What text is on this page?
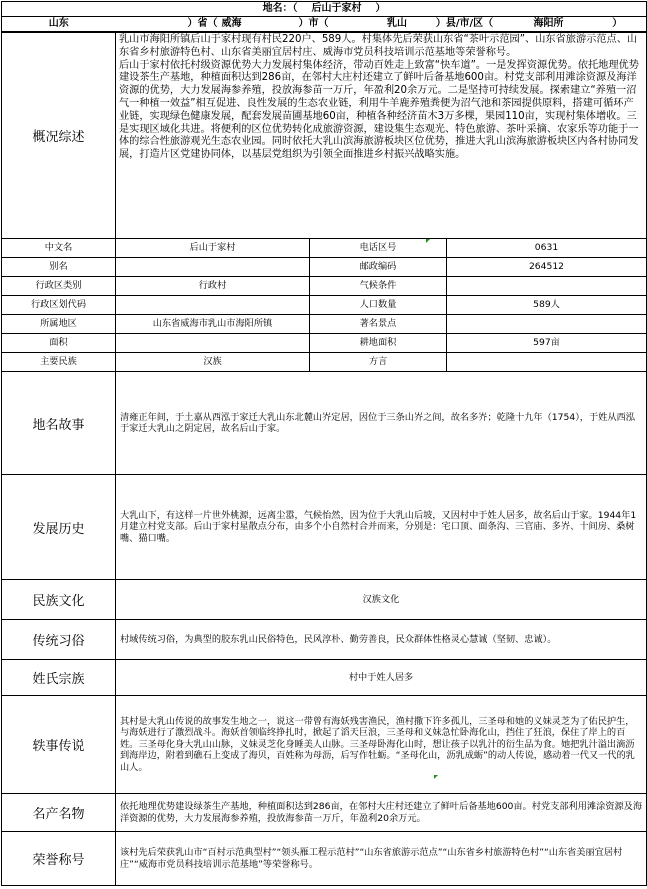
地名：（ 后山于家村 ）
山东	）省（	威海	）市（	乳山	）县/市/区（	海阳所	）
概况综述	

乳山市海阳所镇后山于家村现有村民220户、589人。村集体先后荣获山东省“茶叶示范园”、山东省旅游示范点、山东省乡村旅游特色村、山东省美丽宜居村庄、威海市党员科技培训示范基地等荣誉称号。

后山于家村依托村级资源优势大力发展村集体经济，带动百姓走上致富“快车道”。一是发挥资源优势。依托地理优势建设茶生产基地，种植面积达到286亩，在邻村大庄村还建立了鲜叶后备基地600亩。村党支部利用滩涂资源及海洋资源的优势，大力发展海参养殖，投放海参苗一万斤，年盈利20余万元。二是坚持可持续发展。探索建立“养殖一沼气一种植一效益”相互促进、良性发展的生态农业链，利用牛羊鹿养殖粪便为沼气池和茶园提供原料，搭建可循环产业链，实现绿色健康发展，配套发展苗圃基地60亩，种植各种经济苗木3万多棵，果园110亩，实现村集体增收。三是实现区域化共进。将便利的区位优势转化成旅游资源，建设集生态观光、特色旅游、茶叶采摘、农家乐等功能于一体的综合性旅游观光生态农业园。同时依托大乳山滨海旅游板块区位优势，推进大乳山滨海旅游板块区内各村协同发展，打造片区党建协同体，以基层党组织为引领全面推进乡村振兴战略实施。

中文名	后山于家村	电话区号	0631
别名		邮政编码	264512
行政区类别	行政村	气候条件	
行政区划代码		人口数量	589人
所属地区	山东省威海市乳山市海阳所镇	著名景点	
面积		耕地面积	597亩
主要民族	汉族	方言	
地名故事	清雍正年间，于土嘉从西泓于家迁大乳山东北麓山岕定居，因位于三条山岕之间，故名多岕；乾隆十九年（1754），于姓从西泓于家迁大乳山之阴定居，故名后山于家。
发展历史	大乳山下，有这样一片世外桃源，远离尘嚣，气候怡然，因为位于大乳山后坡，又因村中于姓人居多，故名后山于家。1944年1月建立村党支部。后山于家村星散点分布，由多个小自然村合并而来，分别是：宅口顶、面条沟、三官庙、多岕、十间房、桑树嘴、猫口嘴。
民族文化	汉族文化
传统习俗	村域传统习俗，为典型的胶东乳山民俗特色，民风淳朴、勤劳善良，民众群体性格灵心慧诚（坚韧、忠诚）。
姓氏宗族	村中于姓人居多
轶事传说	其村是大乳山传说的故事发生地之一，说这一带曾有海妖残害渔民，渔村撒下许多孤儿，三圣母和她的义妹灵芝为了佑民护生，与海妖进行了激烈战斗。海妖首领临终挣扎时，掀起了滔天巨浪，三圣母和义妹急忙卧海化山，挡住了狂浪，保住了岸上的百姓。三圣母化身大乳山山脉，义妹灵芝化身睡美人山脉。三圣母卧海化山时，想让孩子以乳汁的衍生品为食。她把乳汁溢出滴沥到海岸边，附着到礁石上变成了海贝，百姓称为母沥，后写作牡蛎。“圣母化山，沥乳成蛎”的动人传说，感动着一代又一代的乳山人。
名产名物	依托地理优势建设绿茶生产基地，种植面积达到286亩，在邻村大庄村还建立了鲜叶后备基地600亩。村党支部利用滩涂资源及海洋资源的优势，大力发展海参养殖，投放海参苗一万斤，年盈利20余万元。
荣誉称号	该村先后荣获乳山市“百村示范典型村”“领头雁工程示范村”“山东省旅游示范点”“山东省乡村旅游特色村”“山东省美丽宜居村庄”“威海市党员科技培训示范基地”等荣誉称号。
